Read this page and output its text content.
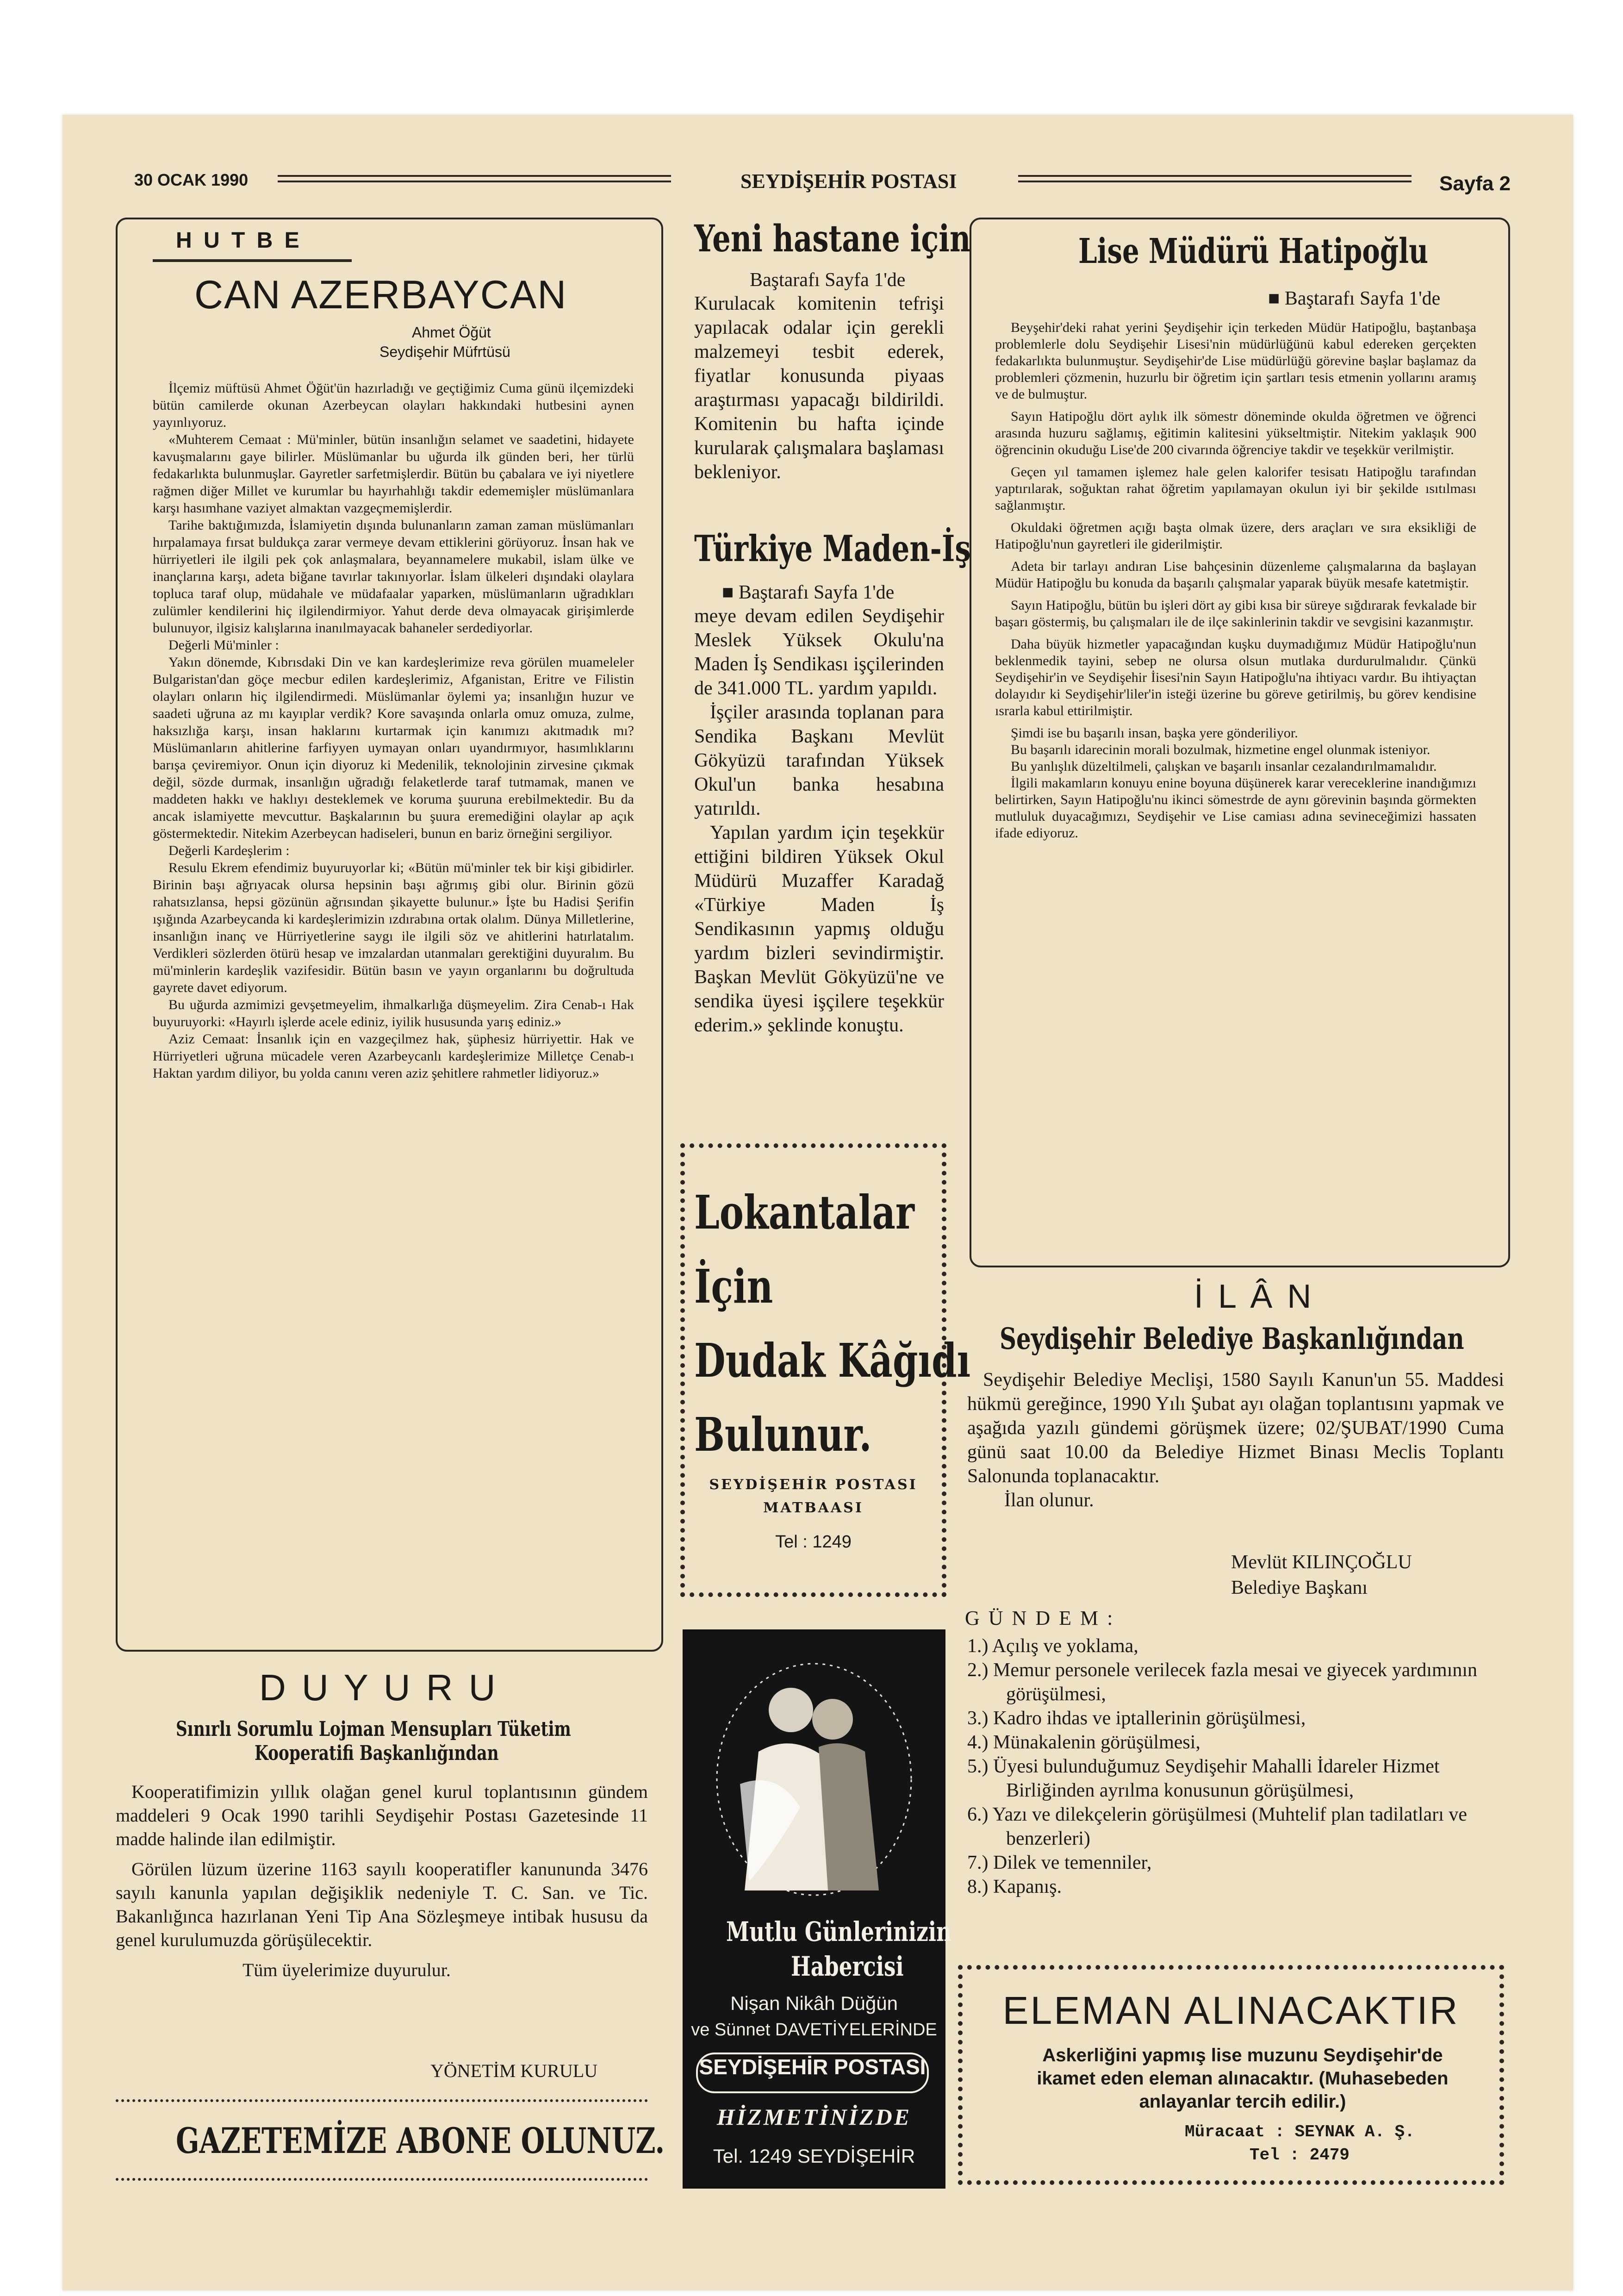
30 OCAK 1990	SEYDİŞEHİR POSTASI	Sayfa 2
H U T B E
CAN AZERBAYCAN
Ahmet Öğüt
Seydişehir Müfrtüsü

İlçemiz müftüsü Ahmet Öğüt'ün hazırladığı ve geçtiğimiz Cuma günü ilçemizdeki bütün camilerde okunan Azerbeycan olayları hakkındaki hutbesini aynen yayınlıyoruz.

«Muhterem Cemaat : Mü'minler, bütün insanlığın selamet ve saadetini, hidayete kavuşmalarını gaye bilirler. Müslümanlar bu uğurda ilk günden beri, her türlü fedakarlıkta bulunmuşlar. Gayretler sarfetmişlerdir. Bütün bu çabalara ve iyi niyetlere rağmen diğer Millet ve kurumlar bu hayırhahlığı takdir edememişler müslümanlara karşı hasımhane vaziyet almaktan vazgeçmemişlerdir.

Tarihe baktığımızda, İslamiyetin dışında bulunanların zaman zaman müslümanları hırpalamaya fırsat buldukça zarar vermeye devam ettiklerini görüyoruz. İnsan hak ve hürriyetleri ile ilgili pek çok anlaşmalara, beyannamelere mukabil, islam ülke ve inançlarına karşı, adeta biğane tavırlar takınıyorlar. İslam ülkeleri dışındaki olaylara topluca taraf olup, müdahale ve müdafaalar yaparken, müslümanların uğradıkları zulümler kendilerini hiç ilgilendirmiyor. Yahut derde deva olmayacak girişimlerde bulunuyor, ilgisiz kalışlarına inanılmayacak bahaneler serdediyorlar.

Değerli Mü'minler :

Yakın dönemde, Kıbrısdaki Din ve kan kardeşlerimize reva görülen muameleler Bulgaristan'dan göçe mecbur edilen kardeşlerimiz, Afganistan, Eritre ve Filistin olayları onların hiç ilgilendirmedi. Müslümanlar öylemi ya; insanlığın huzur ve saadeti uğruna az mı kayıplar verdik? Kore savaşında onlarla omuz omuza, zulme, haksızlığa karşı, insan haklarını kurtarmak için kanımızı akıtmadık mı? Müslümanların ahitlerine farfiyyen uymayan onları uyandırmıyor, hasımlıklarını barışa çeviremiyor. Onun için diyoruz ki Medenilik, teknolojinin zirvesine çıkmak değil, sözde durmak, insanlığın uğradığı felaketlerde taraf tutmamak, manen ve maddeten hakkı ve haklıyı desteklemek ve koruma şuuruna erebilmektedir. Bu da ancak islamiyette mevcuttur. Başkalarının bu şuura eremediğini olaylar ap açık göstermektedir. Nitekim Azerbeycan hadiseleri, bunun en bariz örneğini sergiliyor.

Değerli Kardeşlerim :

Resulu Ekrem efendimiz buyuruyorlar ki; «Bütün mü'minler tek bir kişi gibidirler. Birinin başı ağrıyacak olursa hepsinin başı ağrımış gibi olur. Birinin gözü rahatsızlansa, hepsi gözünün ağrısından şikayette bulunur.» İşte bu Hadisi Şerifin ışığında Azarbeycanda ki kardeşlerimizin ızdırabına ortak olalım. Dünya Milletlerine, insanlığın inanç ve Hürriyetlerine saygı ile ilgili söz ve ahitlerini hatırlatalım. Verdikleri sözlerden ötürü hesap ve imzalardan utanmaları gerektiğini duyuralım. Bu mü'minlerin kardeşlik vazifesidir. Bütün basın ve yayın organlarını bu doğrultuda gayrete davet ediyorum.

Bu uğurda azmimizi gevşetmeyelim, ihmalkarlığa düşmeyelim. Zira Cenab-ı Hak buyuruyorki: «Hayırlı işlerde acele ediniz, iyilik hususunda yarış ediniz.»

Aziz Cemaat: İnsanlık için en vazgeçilmez hak, şüphesiz hürriyettir. Hak ve Hürriyetleri uğruna mücadele veren Azarbeycanlı kardeşlerimize Milletçe Cenab-ı Haktan yardım diliyor, bu yolda canını veren aziz şehitlere rahmetler lidiyoruz.»

D U Y U R U
Sınırlı Sorumlu Lojman Mensupları Tüketim
Kooperatifi Başkanlığından

Kooperatifimizin yıllık olağan genel kurul toplantısının gündem maddeleri 9 Ocak 1990 tarihli Seydişehir Postası Gazetesinde 11 madde halinde ilan edilmiştir.

Görülen lüzum üzerine 1163 sayılı kooperatifler kanununda 3476 sayılı kanunla yapılan değişiklik nedeniyle T. C. San. ve Tic. Bakanlığınca hazırlanan Yeni Tip Ana Sözleşmeye intibak hususu da genel kurulumuzda görüşülecektir.

Tüm üyelerimize duyurulur.

YÖNETİM KURULU
GAZETEMİZE ABONE OLUNUZ.
Yeni hastane için
Baştarafı Sayfa 1'de
Kurulacak komitenin tefrişi yapılacak odalar için gerekli malzemeyi tesbit ederek, fiyatlar konusunda piyaas araştırması yapacağı bildirildi. Komitenin bu hafta içinde kurularak çalışmalara başlaması bekleniyor.
Türkiye Maden-İş
■ Baştarafı Sayfa 1'de

meye devam edilen Seydişehir Meslek Yüksek Okulu'na Maden İş Sendikası işçilerinden de 341.000 TL. yardım yapıldı.

İşçiler arasında toplanan para Sendika Başkanı Mevlüt Gökyüzü tarafından Yüksek Okul'un banka hesabına yatırıldı.

Yapılan yardım için teşekkür ettiğini bildiren Yüksek Okul Müdürü Muzaffer Karadağ «Türkiye Maden İş Sendikasının yapmış olduğu yardım bizleri sevindirmiştir. Başkan Mevlüt Gökyüzü'ne ve sendika üyesi işçilere teşekkür ederim.» şeklinde konuştu.

Lokantalar
İçin
Dudak Kâğıdı
Bulunur.
SEYDİŞEHİR POSTASI
MATBAASI
Tel : 1249
Mutlu Günlerinizin
Habercisi
Nişan Nikâh Düğün
ve Sünnet DAVETİYELERİNDE
SEYDİŞEHİR POSTASI
HİZMETİNİZDE
Tel. 1249 SEYDİŞEHİR
Lise Müdürü Hatipoğlu
■ Baştarafı Sayfa 1'de

Beyşehir'deki rahat yerini Şeydişehir için terkeden Müdür Hatipoğlu, baştanbaşa problemlerle dolu Seydişehir Lisesi'nin müdürlüğünü kabul edereken gerçekten fedakarlıkta bulunmuştur. Seydişehir'de Lise müdürlüğü görevine başlar başlamaz da problemleri çözmenin, huzurlu bir öğretim için şartları tesis etmenin yollarını aramış ve de bulmuştur.

Sayın Hatipoğlu dört aylık ilk sömestr döneminde okulda öğretmen ve öğrenci arasında huzuru sağlamış, eğitimin kalitesini yükseltmiştir. Nitekim yaklaşık 900 öğrencinin okuduğu Lise'de 200 civarında öğrenciye takdir ve teşekkür verilmiştir.

Geçen yıl tamamen işlemez hale gelen kalorifer tesisatı Hatipoğlu tarafından yaptırılarak, soğuktan rahat öğretim yapılamayan okulun iyi bir şekilde ısıtılması sağlanmıştır.

Okuldaki öğretmen açığı başta olmak üzere, ders araçları ve sıra eksikliği de Hatipoğlu'nun gayretleri ile giderilmiştir.

Adeta bir tarlayı andıran Lise bahçesinin düzenleme çalışmalarına da başlayan Müdür Hatipoğlu bu konuda da başarılı çalışmalar yaparak büyük mesafe katetmiştir.

Sayın Hatipoğlu, bütün bu işleri dört ay gibi kısa bir süreye sığdırarak fevkalade bir başarı göstermiş, bu çalışmaları ile de ilçe sakinlerinin takdir ve sevgisini kazanmıştır.

Daha büyük hizmetler yapacağından kuşku duymadığımız Müdür Hatipoğlu'nun beklenmedik tayini, sebep ne olursa olsun mutlaka durdurulmalıdır. Çünkü Seydişehir'in ve Seydişehir İisesi'nin Sayın Hatipoğlu'na ihtiyacı vardır. Bu ihtiyaçtan dolayıdır ki Seydişehir'liler'in isteği üzerine bu göreve getirilmiş, bu görev kendisine ısrarla kabul ettirilmiştir.

Şimdi ise bu başarılı insan, başka yere gönderiliyor.

Bu başarılı idarecinin morali bozulmak, hizmetine engel olunmak isteniyor.

Bu yanlışlık düzeltilmeli, çalışkan ve başarılı insanlar cezalandırılmamalıdır.

İlgili makamların konuyu enine boyuna düşünerek karar vereceklerine inandığımızı belirtirken, Sayın Hatipoğlu'nu ikinci sömestrde de aynı görevinin başında görmekten mutluluk duyacağımızı, Seydişehir ve Lise camiası adına sevineceğimizi hassaten ifade ediyoruz.

İ L Â N
Seydişehir Belediye Başkanlığından

Seydişehir Belediye Meclişi, 1580 Sayılı Kanun'un 55. Maddesi hükmü gereğince, 1990 Yılı Şubat ayı olağan toplantısını yapmak ve aşağıda yazılı gündemi görüşmek üzere; 02/ŞUBAT/1990 Cuma günü saat 10.00 da Belediye Hizmet Binası Meclis Toplantı Salonunda toplanacaktır.

İlan olunur.

Mevlüt KILINÇOĞLU
Belediye Başkanı
G Ü N D E M :
1.) Açılış ve yoklama,
2.) Memur personele verilecek fazla mesai ve giyecek yardımının görüşülmesi,
3.) Kadro ihdas ve iptallerinin görüşülmesi,
4.) Münakalenin görüşülmesi,
5.) Üyesi bulunduğumuz Seydişehir Mahalli İdareler Hizmet Birliğinden ayrılma konusunun görüşülmesi,
6.) Yazı ve dilekçelerin görüşülmesi (Muhtelif plan tadilatları ve benzerleri)
7.) Dilek ve temenniler,
8.) Kapanış.
ELEMAN ALINACAKTIR
Askerliğini yapmış lise muzunu Seydişehir'de ikamet eden eleman alınacaktır. (Muhasebeden anlayanlar tercih edilir.)
Müracaat : SEYNAK A. Ş.
Tel : 2479
